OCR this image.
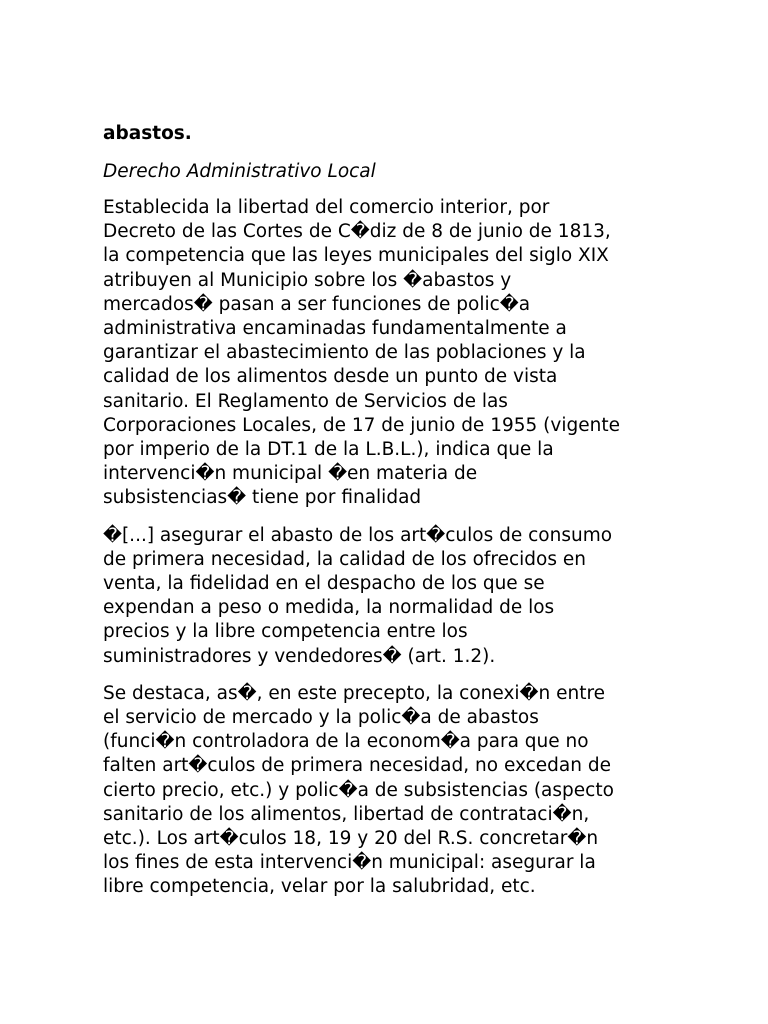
abastos.
Derecho Administrativo Local
Establecida la libertad del comercio interior, por
Decreto de las Cortes de C�diz de 8 de junio de 1813,
la competencia que las leyes municipales del siglo XIX
atribuyen al Municipio sobre los �abastos y
mercados� pasan a ser funciones de polic�a
administrativa encaminadas fundamentalmente a
garantizar el abastecimiento de las poblaciones y la
calidad de los alimentos desde un punto de vista
sanitario. El Reglamento de Servicios de las
Corporaciones Locales, de 17 de junio de 1955 (vigente
por imperio de la DT.1 de la L.B.L.), indica que la
intervenci�n municipal �en materia de
subsistencias� tiene por finalidad
�[...] asegurar el abasto de los art�culos de consumo
de primera necesidad, la calidad de los ofrecidos en
venta, la fidelidad en el despacho de los que se
expendan a peso o medida, la normalidad de los
precios y la libre competencia entre los
suministradores y vendedores� (art. 1.2).
Se destaca, as�, en este precepto, la conexi�n entre
el servicio de mercado y la polic�a de abastos
(funci�n controladora de la econom�a para que no
falten art�culos de primera necesidad, no excedan de
cierto precio, etc.) y polic�a de subsistencias (aspecto
sanitario de los alimentos, libertad de contrataci�n,
etc.). Los art�culos 18, 19 y 20 del R.S. concretar�n
los fines de esta intervenci�n municipal: asegurar la
libre competencia, velar por la salubridad, etc.
